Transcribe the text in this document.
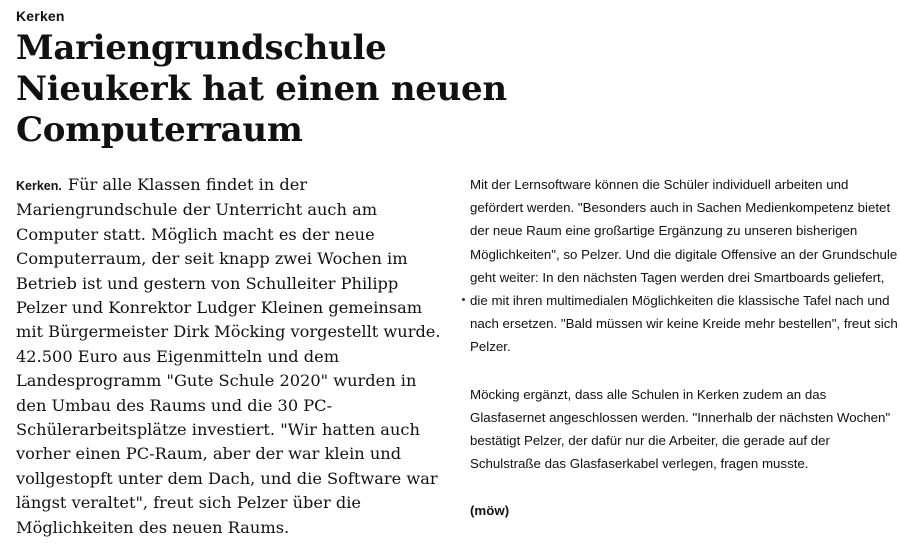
Kerken
Mariengrundschule Nieukerk hat einen neuen Computerraum

Kerken. Für alle Klassen findet in der Mariengrundschule der Unterricht auch am Computer statt. Möglich macht es der neue Computerraum, der seit knapp zwei Wochen im Betrieb ist und gestern von Schulleiter Philipp Pelzer und Konrektor Ludger Kleinen gemeinsam mit Bürgermeister Dirk Möcking vorgestellt wurde. 42.500 Euro aus Eigenmitteln und dem Landesprogramm "Gute Schule 2020" wurden in den Umbau des Raums und die 30 PC-Schülerarbeitsplätze investiert. "Wir hatten auch vorher einen PC-Raum, aber der war klein und vollgestopft unter dem Dach, und die Software war längst veraltet", freut sich Pelzer über die Möglichkeiten des neuen Raums.

Mit der Lernsoftware können die Schüler individuell arbeiten und gefördert werden. "Besonders auch in Sachen Medienkompetenz bietet der neue Raum eine großartige Ergänzung zu unseren bisherigen Möglichkeiten", so Pelzer. Und die digitale Offensive an der Grundschule geht weiter: In den nächsten Tagen werden drei Smartboards geliefert, die mit ihren multimedialen Möglichkeiten die klassische Tafel nach und nach ersetzen. "Bald müssen wir keine Kreide mehr bestellen", freut sich Pelzer.

Möcking ergänzt, dass alle Schulen in Kerken zudem an das Glasfasernet angeschlossen werden. "Innerhalb der nächsten Wochen" bestätigt Pelzer, der dafür nur die Arbeiter, die gerade auf der Schulstraße das Glasfaserkabel verlegen, fragen musste.

(möw)
